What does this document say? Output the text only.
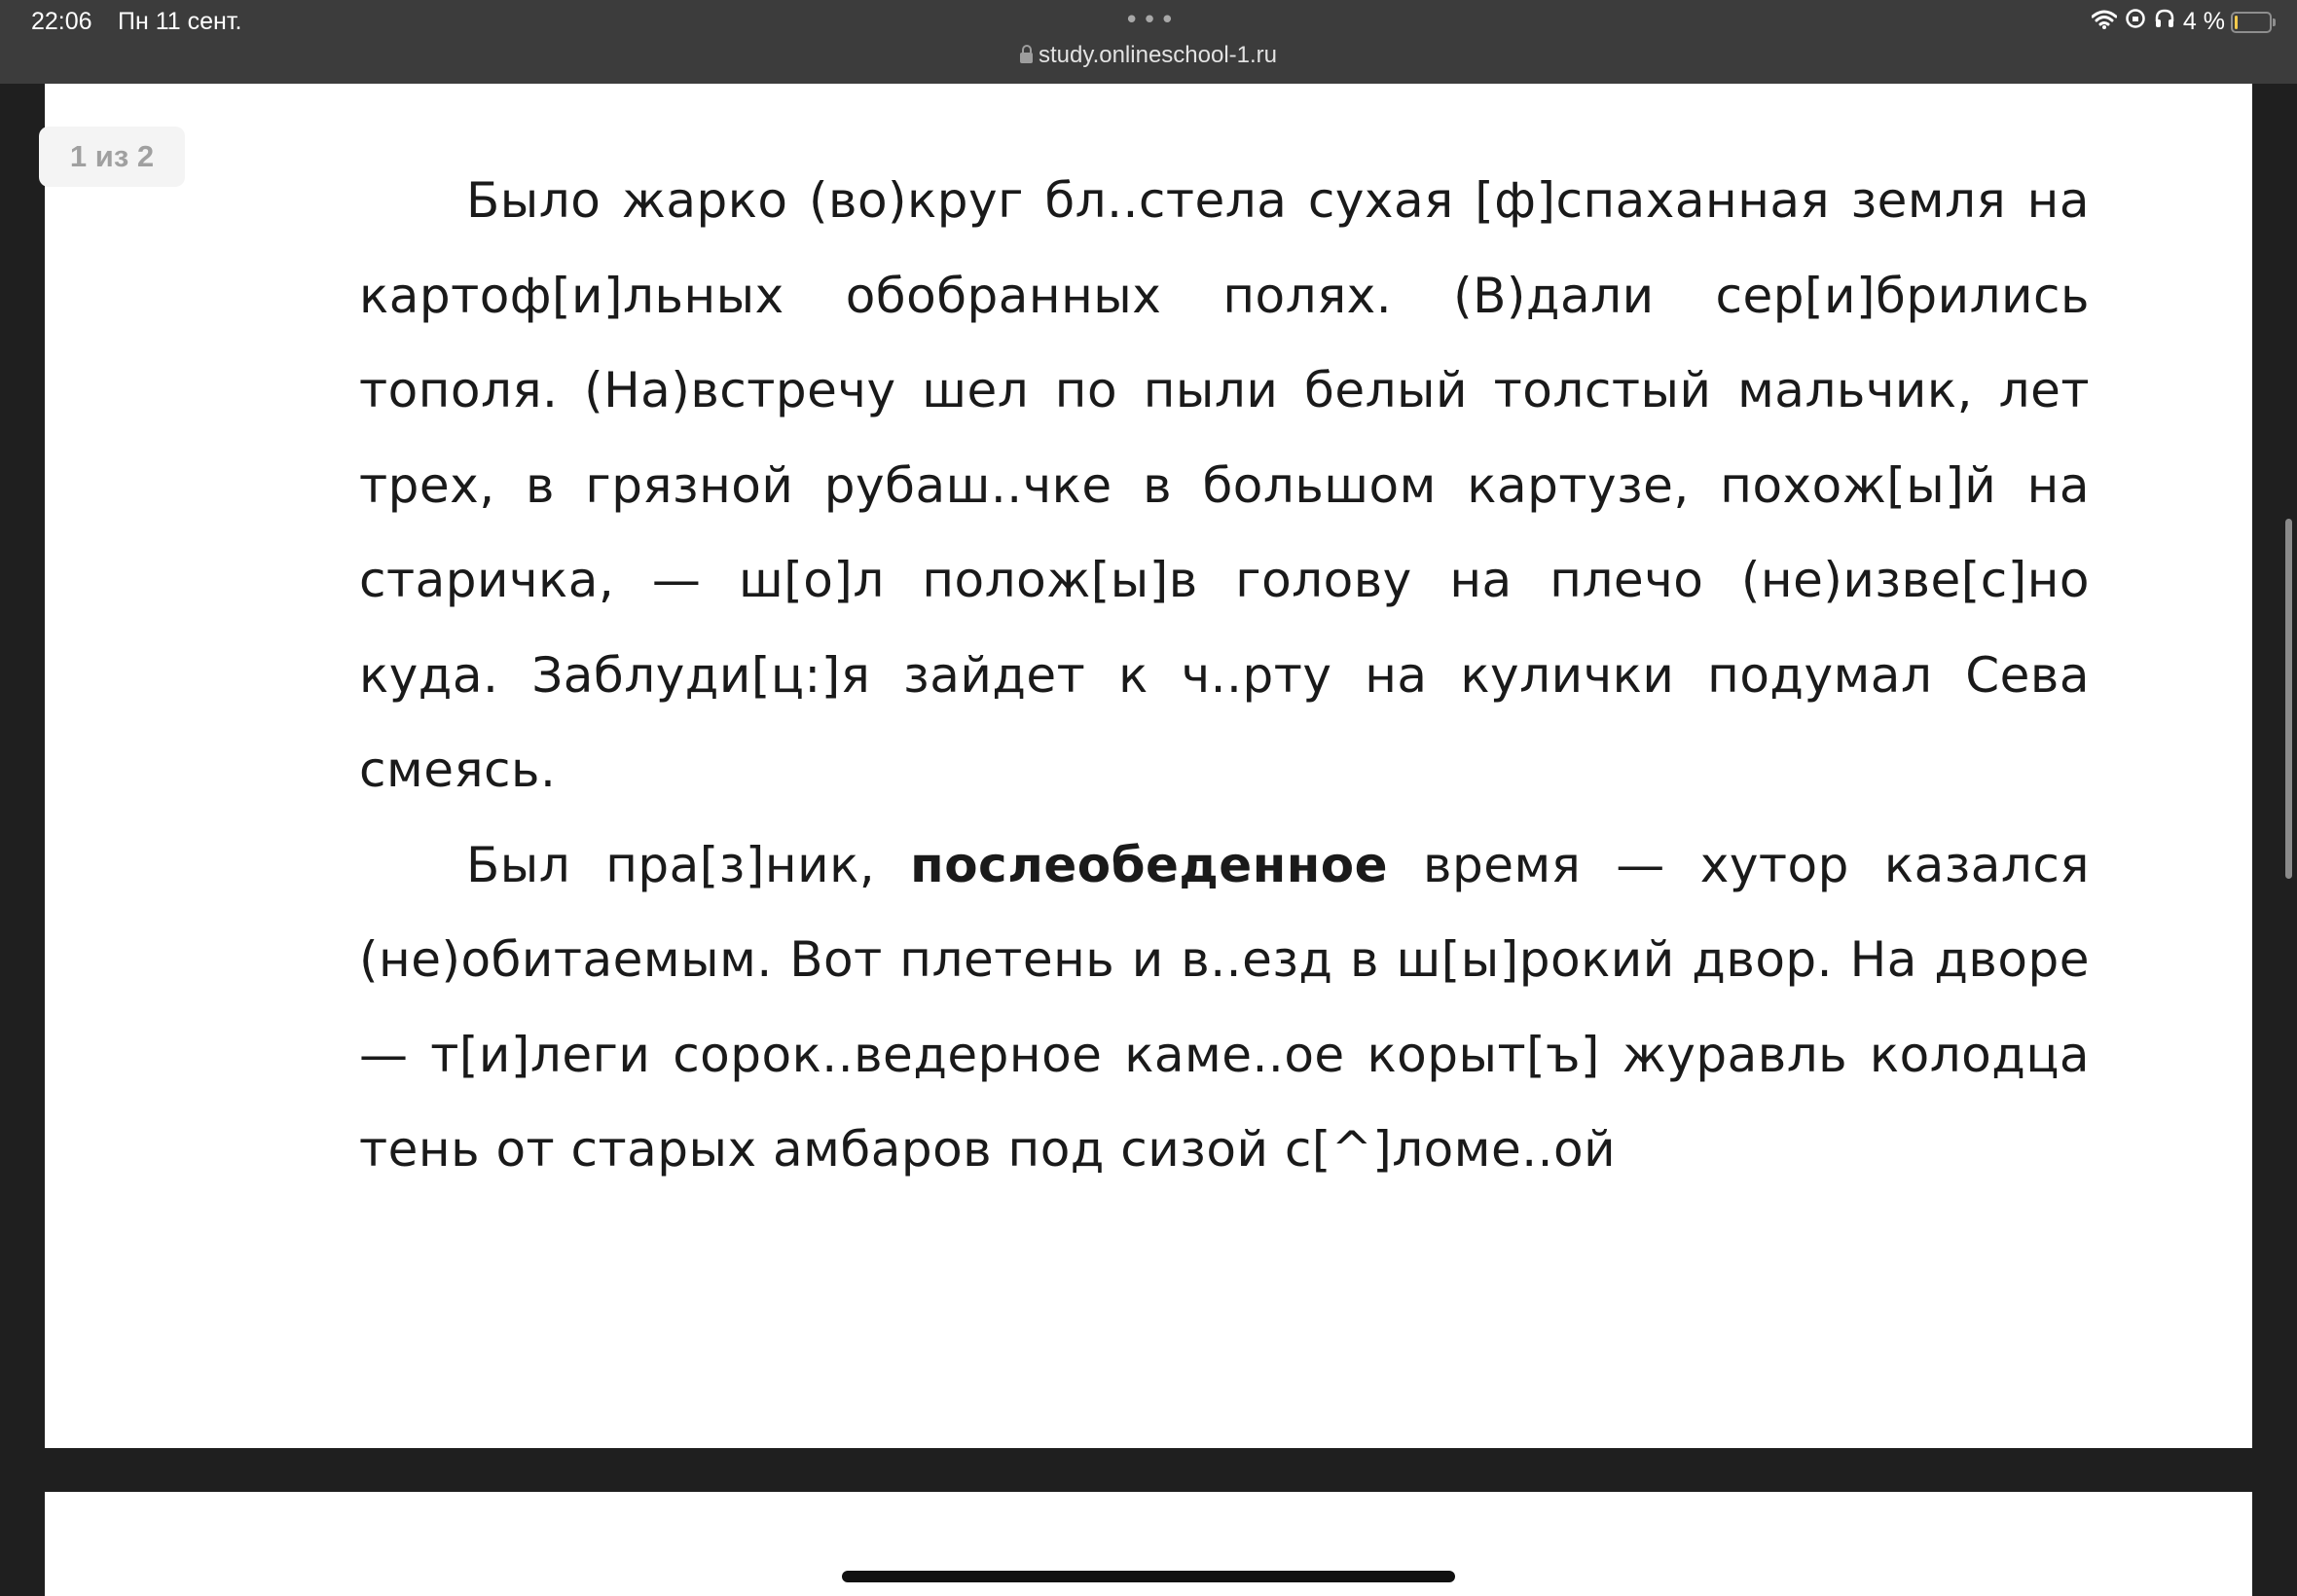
22:06 Пн 11 сент.	•••
study.onlineschool-1.ru
4 %
1 из 2

Было жарко (во)круг бл..стела сухая [ф]спаханная земля на картоф[и]льных обобранных полях. (В)дали сер[и]брились тополя. (На)встречу шел по пыли белый толстый мальчик, лет трех, в грязной рубаш..чке в большом картузе, похож[ы]й на старичка, — ш[о]л полож[ы]в голову на плечо (не)изве[с]но куда. Заблуди[ц:]я зайдет к ч..рту на кулички подумал Сева смеясь.

Был пра[з]ник, послеобеденное время — хутор казался (не)обитаемым. Вот плетень и в..езд в ш[ы]рокий двор. На дворе — т[и]леги сорок..ведерное каме..ое корыт[ъ] журавль колодца тень от старых амбаров под сизой с[^]ломе..ой
